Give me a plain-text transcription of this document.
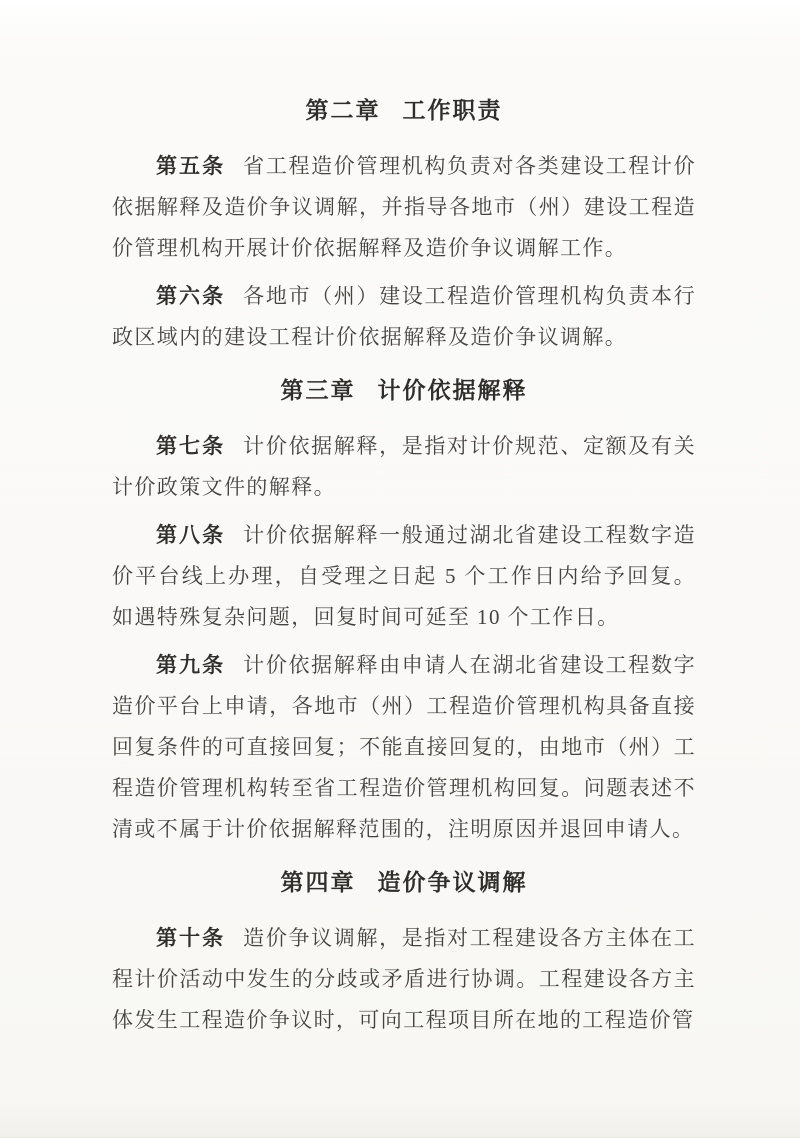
第二章 工作职责

第五条 省工程造价管理机构负责对各类建设工程计价依据解释及造价争议调解，并指导各地市（州）建设工程造价管理机构开展计价依据解释及造价争议调解工作。

第六条 各地市（州）建设工程造价管理机构负责本行政区域内的建设工程计价依据解释及造价争议调解。

第三章 计价依据解释

第七条 计价依据解释，是指对计价规范、定额及有关计价政策文件的解释。

第八条 计价依据解释一般通过湖北省建设工程数字造价平台线上办理，自受理之日起 5 个工作日内给予回复。如遇特殊复杂问题，回复时间可延至 10 个工作日。

第九条 计价依据解释由申请人在湖北省建设工程数字造价平台上申请，各地市（州）工程造价管理机构具备直接回复条件的可直接回复；不能直接回复的，由地市（州）工程造价管理机构转至省工程造价管理机构回复。问题表述不清或不属于计价依据解释范围的，注明原因并退回申请人。

第四章 造价争议调解

第十条 造价争议调解，是指对工程建设各方主体在工程计价活动中发生的分歧或矛盾进行协调。工程建设各方主体发生工程造价争议时，可向工程项目所在地的工程造价管
